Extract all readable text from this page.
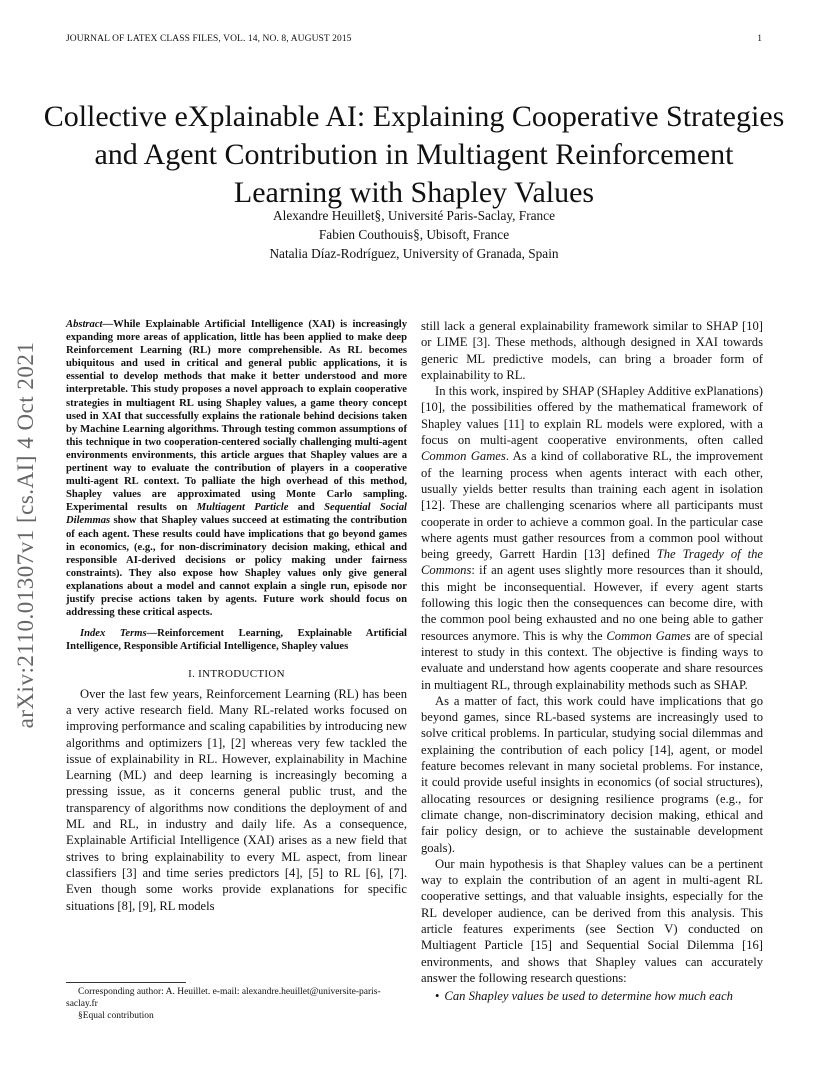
JOURNAL OF LATEX CLASS FILES, VOL. 14, NO. 8, AUGUST 2015	1
Collective eXplainable AI: Explaining Cooperative Strategies and Agent Contribution in Multiagent Reinforcement Learning with Shapley Values
Alexandre Heuillet§, Université Paris-Saclay, France
Fabien Couthouis§, Ubisoft, France
Natalia Díaz-Rodríguez, University of Granada, Spain
arXiv:2110.01307v1 [cs.AI] 4 Oct 2021
Abstract—While Explainable Artificial Intelligence (XAI) is increasingly expanding more areas of application, little has been applied to make deep Reinforcement Learning (RL) more comprehensible. As RL becomes ubiquitous and used in critical and general public applications, it is essential to develop methods that make it better understood and more interpretable. This study proposes a novel approach to explain cooperative strategies in multiagent RL using Shapley values, a game theory concept used in XAI that successfully explains the rationale behind decisions taken by Machine Learning algorithms. Through testing common assumptions of this technique in two cooperation-centered socially challenging multi-agent environments environments, this article argues that Shapley values are a pertinent way to evaluate the contribution of players in a cooperative multi-agent RL context. To palliate the high overhead of this method, Shapley values are approximated using Monte Carlo sampling. Experimental results on Multiagent Particle and Sequential Social Dilemmas show that Shapley values succeed at estimating the contribution of each agent. These results could have implications that go beyond games in economics, (e.g., for non-discriminatory decision making, ethical and responsible AI-derived decisions or policy making under fairness constraints). They also expose how Shapley values only give general explanations about a model and cannot explain a single run, episode nor justify precise actions taken by agents. Future work should focus on addressing these critical aspects.
Index Terms—Reinforcement Learning, Explainable Artificial Intelligence, Responsible Artificial Intelligence, Shapley values
I. INTRODUCTION

Over the last few years, Reinforcement Learning (RL) has been a very active research field. Many RL-related works focused on improving performance and scaling capabilities by introducing new algorithms and optimizers [1], [2] whereas very few tackled the issue of explainability in RL. However, explainability in Machine Learning (ML) and deep learning is increasingly becoming a pressing issue, as it concerns general public trust, and the transparency of algorithms now conditions the deployment of and ML and RL, in industry and daily life. As a consequence, Explainable Artificial Intelligence (XAI) arises as a new field that strives to bring explainability to every ML aspect, from linear classifiers [3] and time series predictors [4], [5] to RL [6], [7]. Even though some works provide explanations for specific situations [8], [9], RL models

Corresponding author: A. Heuillet. e-mail: alexandre.heuillet@universite-paris-saclay.fr
§Equal contribution

still lack a general explainability framework similar to SHAP [10] or LIME [3]. These methods, although designed in XAI towards generic ML predictive models, can bring a broader form of explainability to RL.

In this work, inspired by SHAP (SHapley Additive exPlanations) [10], the possibilities offered by the mathematical framework of Shapley values [11] to explain RL models were explored, with a focus on multi-agent cooperative environments, often called Common Games. As a kind of collaborative RL, the improvement of the learning process when agents interact with each other, usually yields better results than training each agent in isolation [12]. These are challenging scenarios where all participants must cooperate in order to achieve a common goal. In the particular case where agents must gather resources from a common pool without being greedy, Garrett Hardin [13] defined The Tragedy of the Commons: if an agent uses slightly more resources than it should, this might be inconsequential. However, if every agent starts following this logic then the consequences can become dire, with the common pool being exhausted and no one being able to gather resources anymore. This is why the Common Games are of special interest to study in this context. The objective is finding ways to evaluate and understand how agents cooperate and share resources in multiagent RL, through explainability methods such as SHAP.

As a matter of fact, this work could have implications that go beyond games, since RL-based systems are increasingly used to solve critical problems. In particular, studying social dilemmas and explaining the contribution of each policy [14], agent, or model feature becomes relevant in many societal problems. For instance, it could provide useful insights in economics (of social structures), allocating resources or designing resilience programs (e.g., for climate change, non-discriminatory decision making, ethical and fair policy design, or to achieve the sustainable development goals).

Our main hypothesis is that Shapley values can be a pertinent way to explain the contribution of an agent in multi-agent RL cooperative settings, and that valuable insights, especially for the RL developer audience, can be derived from this analysis. This article features experiments (see Section V) conducted on Multiagent Particle [15] and Sequential Social Dilemma [16] environments, and shows that Shapley values can accurately answer the following research questions:

• Can Shapley values be used to determine how much each
